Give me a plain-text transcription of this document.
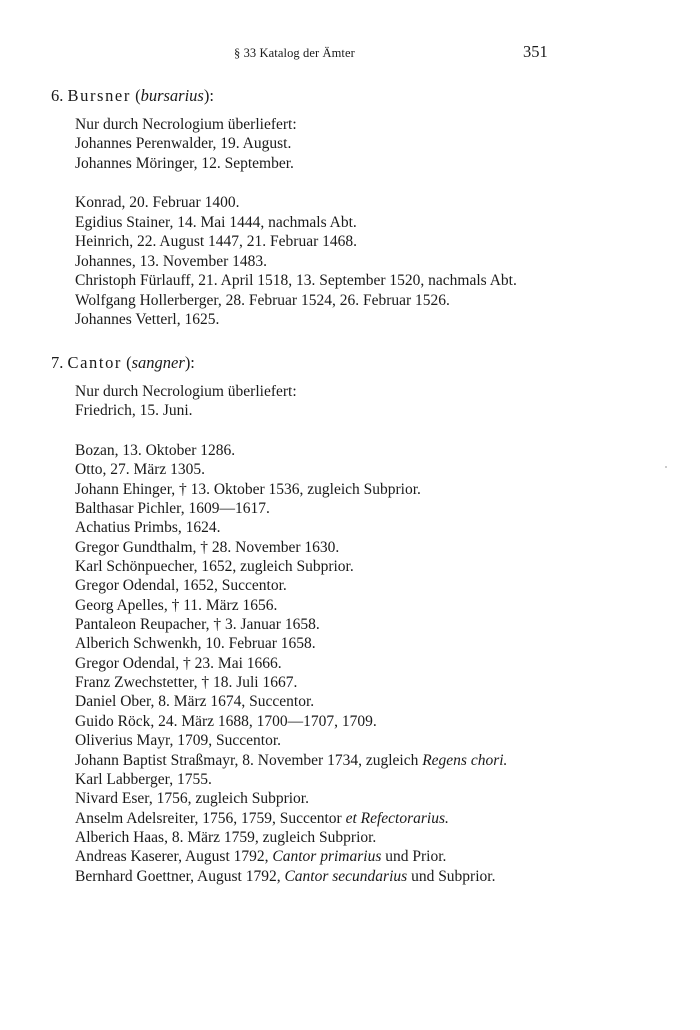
§ 33 Katalog der Ämter	351
6. Bursner (bursarius):
Nur durch Necrologium überliefert:
Johannes Perenwalder, 19. August.
Johannes Möringer, 12. September.
Konrad, 20. Februar 1400.
Egidius Stainer, 14. Mai 1444, nachmals Abt.
Heinrich, 22. August 1447, 21. Februar 1468.
Johannes, 13. November 1483.
Christoph Fürlauff, 21. April 1518, 13. September 1520, nachmals Abt.
Wolfgang Hollerberger, 28. Februar 1524, 26. Februar 1526.
Johannes Vetterl, 1625.
7. Cantor (sangner):
Nur durch Necrologium überliefert:
Friedrich, 15. Juni.
Bozan, 13. Oktober 1286.
Otto, 27. März 1305.
Johann Ehinger, † 13. Oktober 1536, zugleich Subprior.
Balthasar Pichler, 1609—1617.
Achatius Primbs, 1624.
Gregor Gundthalm, † 28. November 1630.
Karl Schönpuecher, 1652, zugleich Subprior.
Gregor Odendal, 1652, Succentor.
Georg Apelles, † 11. März 1656.
Pantaleon Reupacher, † 3. Januar 1658.
Alberich Schwenkh, 10. Februar 1658.
Gregor Odendal, † 23. Mai 1666.
Franz Zwechstetter, † 18. Juli 1667.
Daniel Ober, 8. März 1674, Succentor.
Guido Röck, 24. März 1688, 1700—1707, 1709.
Oliverius Mayr, 1709, Succentor.
Johann Baptist Straßmayr, 8. November 1734, zugleich Regens chori.
Karl Labberger, 1755.
Nivard Eser, 1756, zugleich Subprior.
Anselm Adelsreiter, 1756, 1759, Succentor et Refectorarius.
Alberich Haas, 8. März 1759, zugleich Subprior.
Andreas Kaserer, August 1792, Cantor primarius und Prior.
Bernhard Goettner, August 1792, Cantor secundarius und Subprior.
